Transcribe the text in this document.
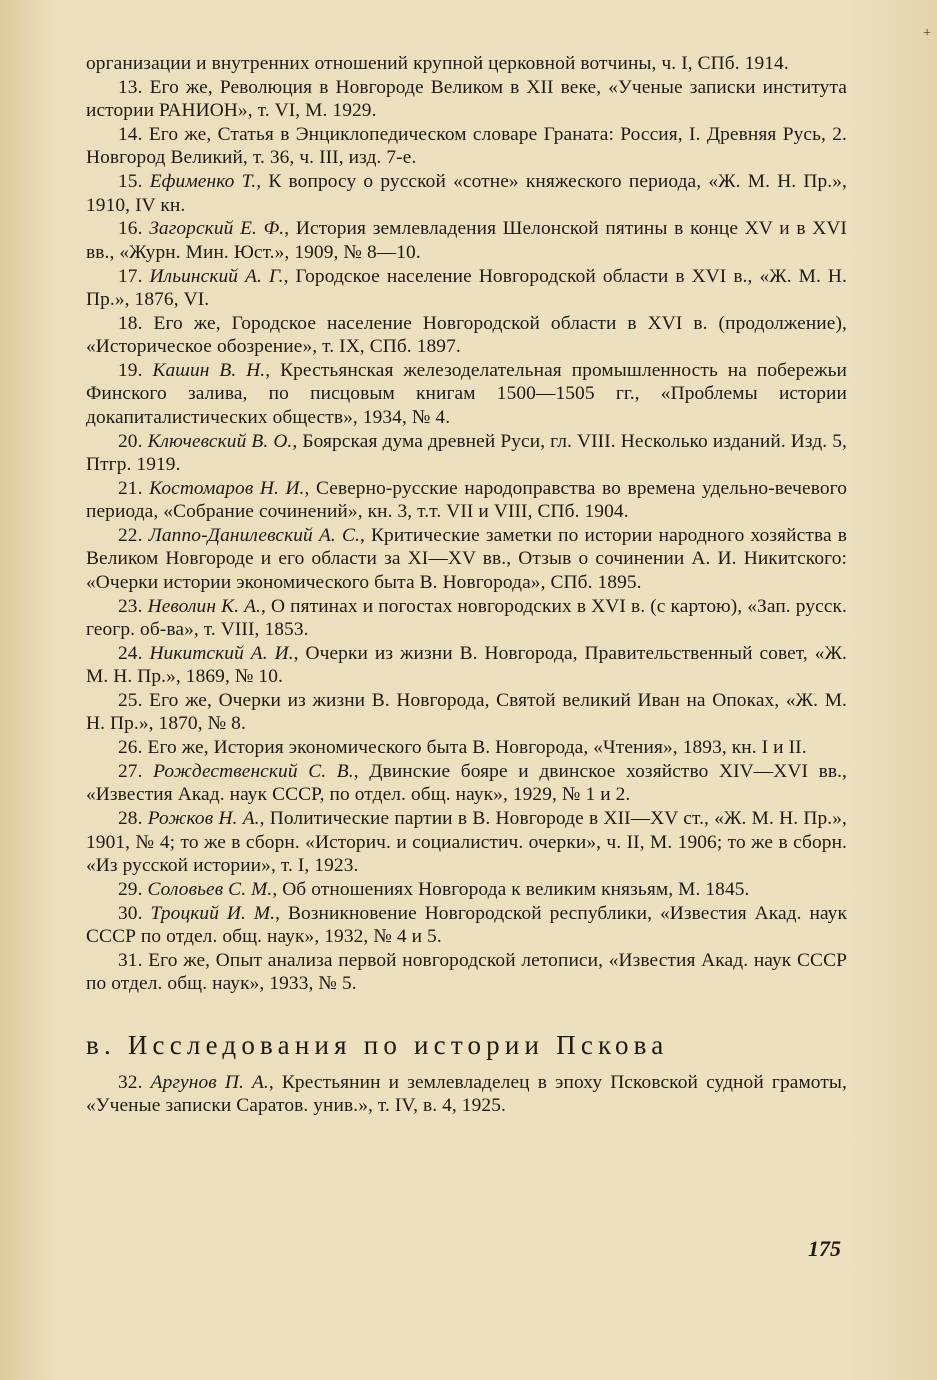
+
организации и внутренних отношений крупной церковной вотчины, ч. I, СПб. 1914.
13. Его же, Революция в Новгороде Великом в XII веке, «Ученые записки института истории РАНИОН», т. VI, М. 1929.
14. Его же, Статья в Энциклопедическом словаре Граната: Россия, I. Древняя Русь, 2. Новгород Великий, т. 36, ч. III, изд. 7-е.
15. Ефименко Т., К вопросу о русской «сотне» княжеского периода, «Ж. М. Н. Пр.», 1910, IV кн.
16. Загорский Е. Ф., История землевладения Шелонской пятины в конце XV и в XVI вв., «Журн. Мин. Юст.», 1909, № 8—10.
17. Ильинский А. Г., Городское население Новгородской области в XVI в., «Ж. М. Н. Пр.», 1876, VI.
18. Его же, Городское население Новгородской области в XVI в. (продолжение), «Историческое обозрение», т. IX, СПб. 1897.
19. Кашин В. Н., Крестьянская железоделательная промышленность на побережьи Финского залива, по писцовым книгам 1500—1505 гг., «Проблемы истории докапиталистических обществ», 1934, № 4.
20. Ключевский В. О., Боярская дума древней Руси, гл. VIII. Несколько изданий. Изд. 5, Птгр. 1919.
21. Костомаров Н. И., Северно-русские народоправства во времена удельно-вечевого периода, «Собрание сочинений», кн. 3, т.т. VII и VIII, СПб. 1904.
22. Лаппо-Данилевский А. С., Критические заметки по истории народного хозяйства в Великом Новгороде и его области за XI—XV вв., Отзыв о сочинении А. И. Никитского: «Очерки истории экономического быта В. Новгорода», СПб. 1895.
23. Неволин К. А., О пятинах и погостах новгородских в XVI в. (с картою), «Зап. русск. геогр. об-ва», т. VIII, 1853.
24. Никитский А. И., Очерки из жизни В. Новгорода, Правительственный совет, «Ж. М. Н. Пр.», 1869, № 10.
25. Его же, Очерки из жизни В. Новгорода, Святой великий Иван на Опоках, «Ж. М. Н. Пр.», 1870, № 8.
26. Его же, История экономического быта В. Новгорода, «Чтения», 1893, кн. I и II.
27. Рождественский С. В., Двинские бояре и двинское хозяйство XIV—XVI вв., «Известия Акад. наук СССР, по отдел. общ. наук», 1929, № 1 и 2.
28. Рожков Н. А., Политические партии в В. Новгороде в XII—XV ст., «Ж. М. Н. Пр.», 1901, № 4; то же в сборн. «Историч. и социалистич. очерки», ч. II, М. 1906; то же в сборн. «Из русской истории», т. I, 1923.
29. Соловьев С. М., Об отношениях Новгорода к великим князьям, М. 1845.
30. Троцкий И. М., Возникновение Новгородской республики, «Известия Акад. наук СССР по отдел. общ. наук», 1932, № 4 и 5.
31. Его же, Опыт анализа первой новгородской летописи, «Известия Акад. наук СССР по отдел. общ. наук», 1933, № 5.
в. Исследования по истории Пскова
32. Аргунов П. А., Крестьянин и землевладелец в эпоху Псковской судной грамоты, «Ученые записки Саратов. унив.», т. IV, в. 4, 1925.
175
